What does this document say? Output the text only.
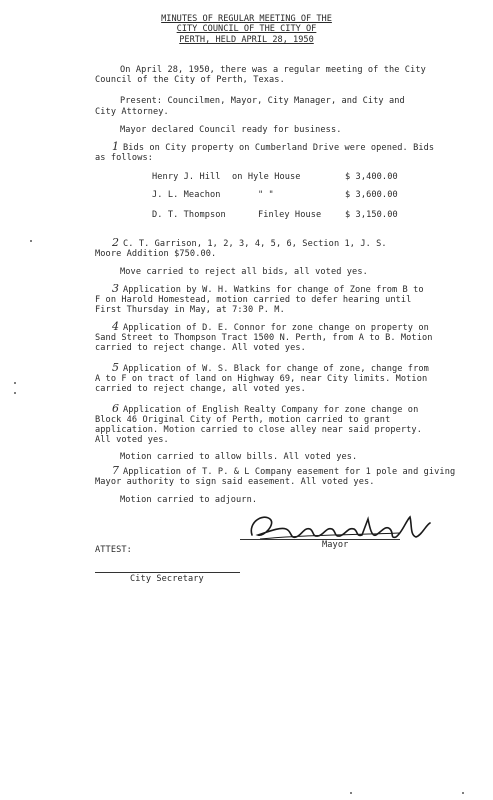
MINUTES OF REGULAR MEETING OF THE
CITY COUNCIL OF THE CITY OF
PERTH, HELD APRIL 28, 1950
On April 28, 1950, there was a regular meeting of the City
Council of the City of Perth, Texas.
Present: Councilmen, Mayor, City Manager, and City and
City Attorney.
Mayor declared Council ready for business.
1 Bids on City property on Cumberland Drive were opened. Bids
as follows:
Henry J. Hill on Hyle House	$ 3,400.00
J. L. Meachon	" "	$ 3,600.00
D. T. Thompson	Finley House	$ 3,150.00
2 C. T. Garrison, 1, 2, 3, 4, 5, 6, Section 1, J. S.
Moore Addition $750.00.
Move carried to reject all bids, all voted yes.
3 Application by W. H. Watkins for change of Zone from B to
F on Harold Homestead, motion carried to defer hearing until
First Thursday in May, at 7:30 P. M.
4 Application of D. E. Connor for zone change on property on
Sand Street to Thompson Tract 1500 N. Perth, from A to B. Motion
carried to reject change. All voted yes.
5 Application of W. S. Black for change of zone, change from
A to F on tract of land on Highway 69, near City limits. Motion
carried to reject change, all voted yes.
6 Application of English Realty Company for zone change on
Block 46 Original City of Perth, motion carried to grant
application. Motion carried to close alley near said property.
All voted yes.
Motion carried to allow bills. All voted yes.
7 Application of T. P. & L Company easement for 1 pole and giving
Mayor authority to sign said easement. All voted yes.
Motion carried to adjourn.
Mayor
ATTEST:
City Secretary
